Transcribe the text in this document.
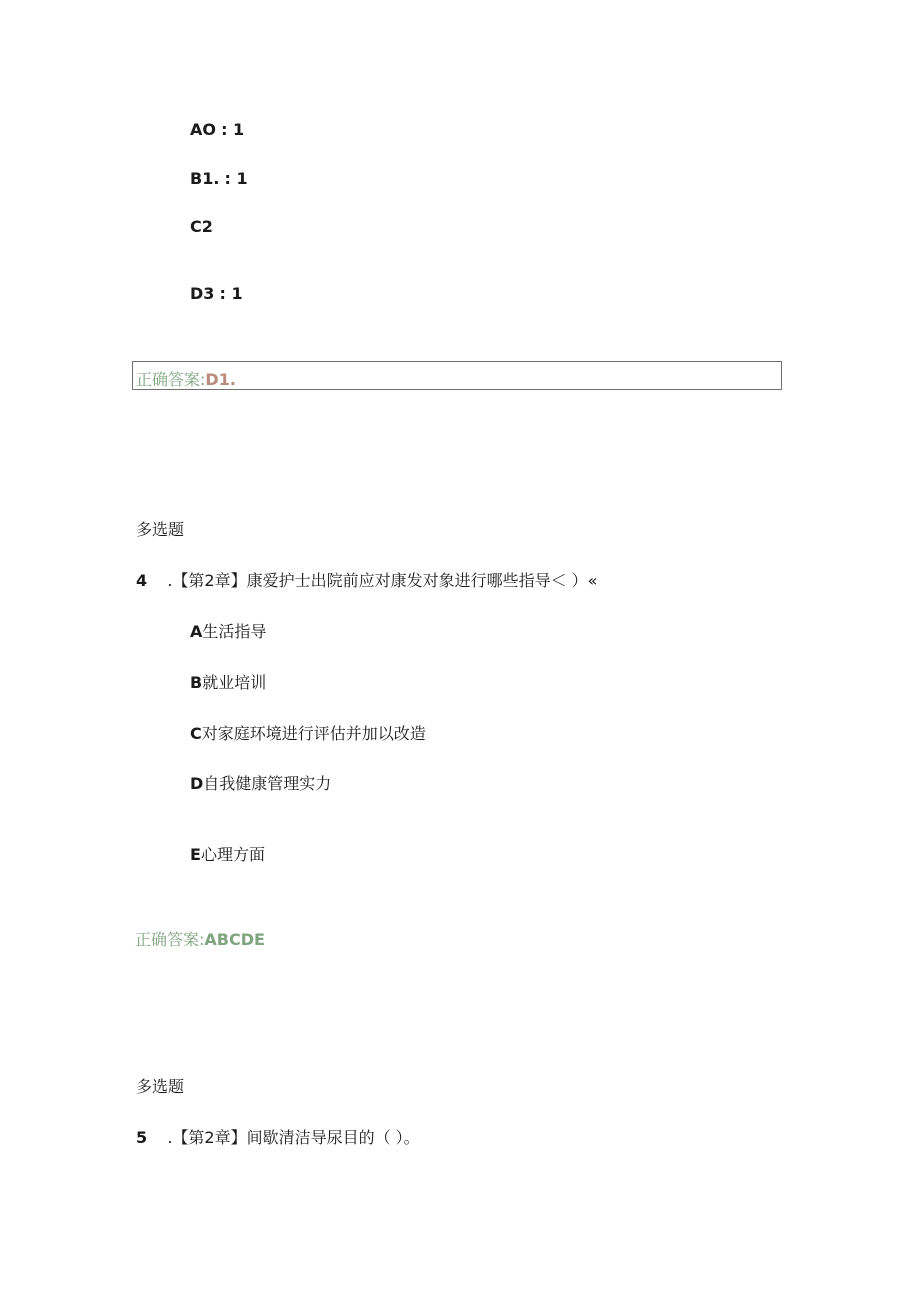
AO : 1
B1. : 1
C2
D3 : 1
正确答案:D1.
多选题
4 .【第2章】康爱护士出院前应对康发对象进行哪些指导＜ ）«
A生活指导
B就业培训
C对家庭环境进行评估并加以改造
D自我健康管理实力
E心理方面
正确答案:ABCDE
多选题
5 .【第2章】间歇清洁导尿目的（ ）。
